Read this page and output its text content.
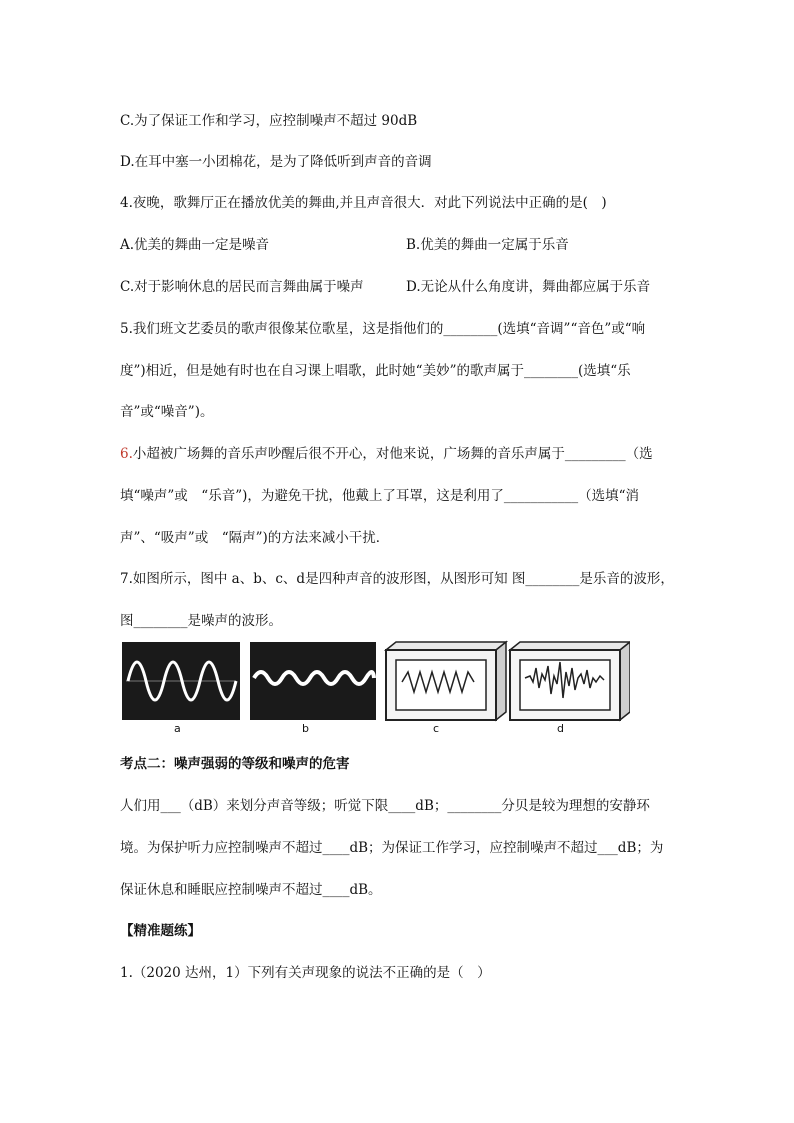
C.为了保证工作和学习，应控制噪声不超过 90dB
D.在耳中塞一小团棉花，是为了降低听到声音的音调
4.夜晚，歌舞厅正在播放优美的舞曲,并且声音很大．对此下列说法中正确的是(　)
A.优美的舞曲一定是噪音	B.优美的舞曲一定属于乐音
C.对于影响休息的居民而言舞曲属于噪声	D.无论从什么角度讲，舞曲都应属于乐音
5.我们班文艺委员的歌声很像某位歌星，这是指他们的________(选填“音调”“音色”或“响
度”)相近，但是她有时也在自习课上唱歌，此时她“美妙”的歌声属于________(选填“乐
音”或“噪音”)。
6.小超被广场舞的音乐声吵醒后很不开心，对他来说，广场舞的音乐声属于_________（选
填“噪声”或　“乐音”)，为避免干扰，他戴上了耳罩，这是利用了___________（选填“消
声”、“吸声”或　“隔声”)的方法来减小干扰．
7.如图所示，图中 a、b、c、d是四种声音的波形图，从图形可知 图________是乐音的波形，
图________是噪声的波形。
a	b	c	d
考点二：噪声强弱的等级和噪声的危害
人们用___（dB）来划分声音等级；听觉下限____dB；________分贝是较为理想的安静环
境。为保护听力应控制噪声不超过____dB；为保证工作学习，应控制噪声不超过___dB；为
保证休息和睡眠应控制噪声不超过____dB。
【精准题练】
1.（2020 达州，1）下列有关声现象的说法不正确的是（　）
